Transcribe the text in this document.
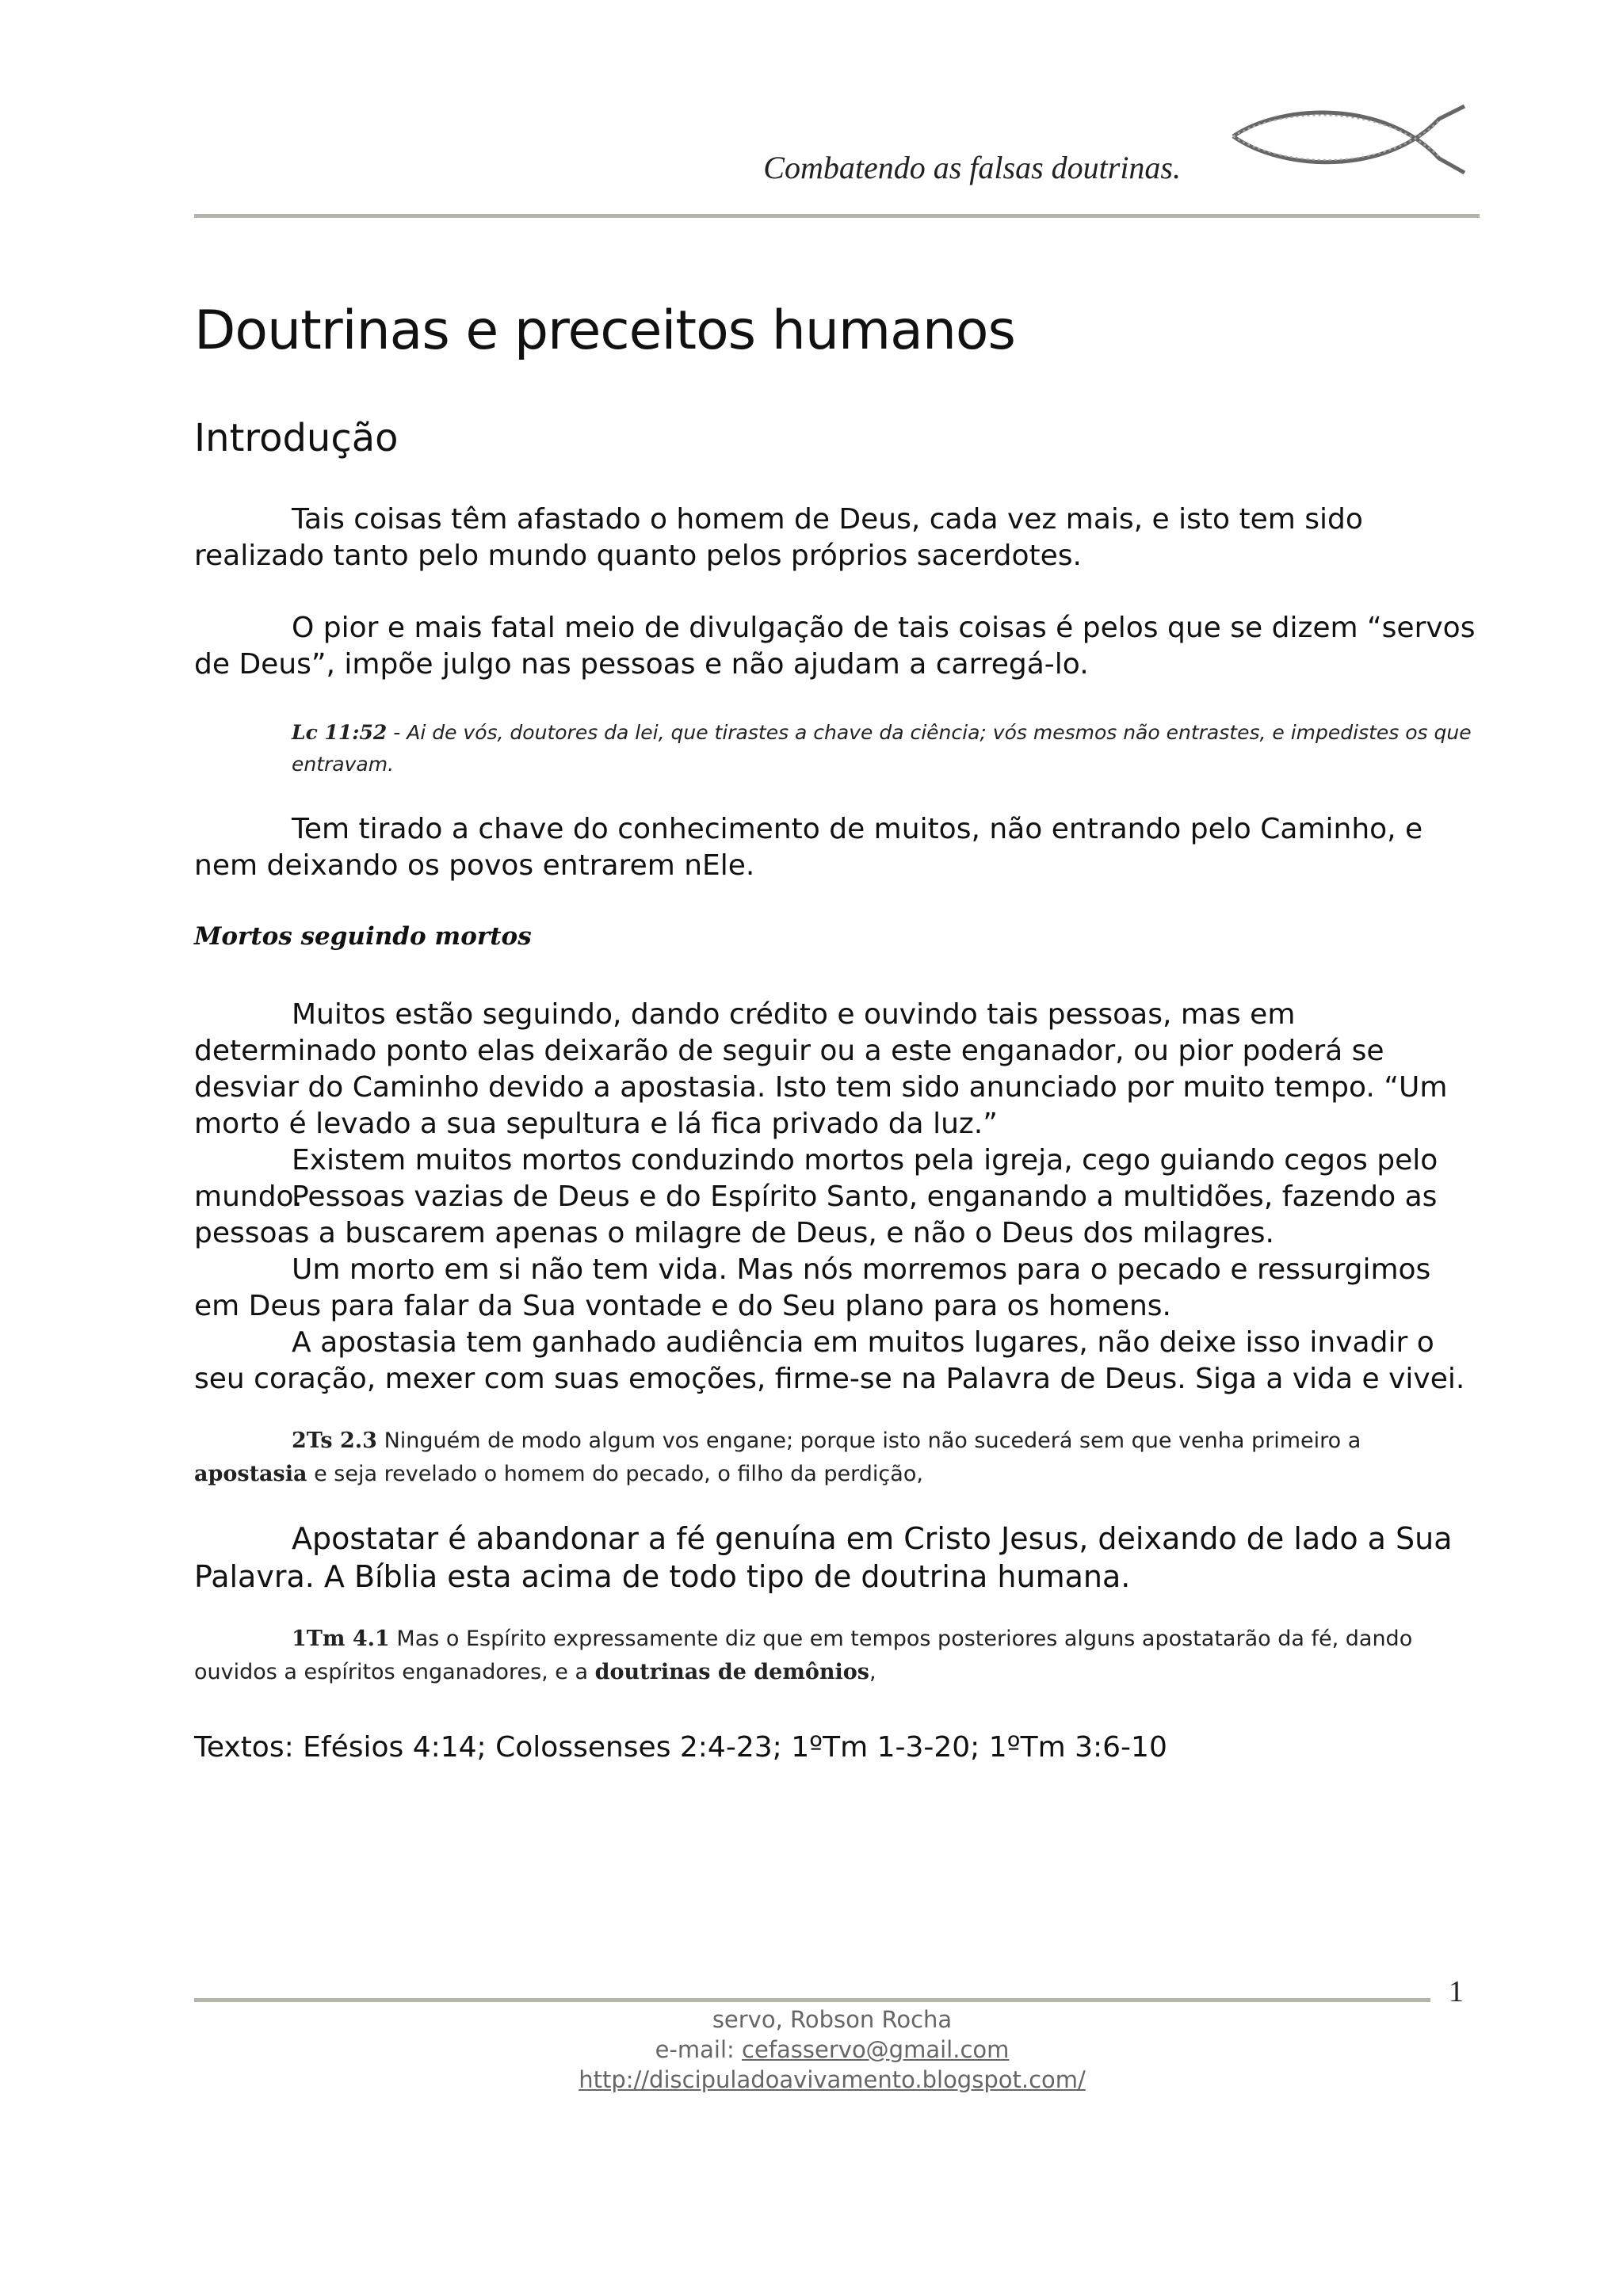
Combatendo as falsas doutrinas.
Doutrinas e preceitos humanos
Introdução
Tais coisas têm afastado o homem de Deus, cada vez mais, e isto tem sido realizado tanto pelo mundo quanto pelos próprios sacerdotes.
O pior e mais fatal meio de divulgação de tais coisas é pelos que se dizem “servos de Deus”, impõe julgo nas pessoas e não ajudam a carregá-lo.
Lc 11:52 - Ai de vós, doutores da lei, que tirastes a chave da ciência; vós mesmos não entrastes, e impedistes os que entravam.
Tem tirado a chave do conhecimento de muitos, não entrando pelo Caminho, e nem deixando os povos entrarem nEle.
Mortos seguindo mortos
Muitos estão seguindo, dando crédito e ouvindo tais pessoas, mas em determinado ponto elas deixarão de seguir ou a este enganador, ou pior poderá se desviar do Caminho devido a apostasia. Isto tem sido anunciado por muito tempo. “Um morto é levado a sua sepultura e lá fica privado da luz.”
Existem muitos mortos conduzindo mortos pela igreja, cego guiando cegos pelo mundo.
Pessoas vazias de Deus e do Espírito Santo, enganando a multidões, fazendo as pessoas a buscarem apenas o milagre de Deus, e não o Deus dos milagres.
Um morto em si não tem vida. Mas nós morremos para o pecado e ressurgimos em Deus para falar da Sua vontade e do Seu plano para os homens.
A apostasia tem ganhado audiência em muitos lugares, não deixe isso invadir o seu coração, mexer com suas emoções, firme-se na Palavra de Deus. Siga a vida e vivei.
2Ts 2.3 Ninguém de modo algum vos engane; porque isto não sucederá sem que venha primeiro a apostasia e seja revelado o homem do pecado, o filho da perdição,
Apostatar é abandonar a fé genuína em Cristo Jesus, deixando de lado a Sua Palavra. A Bíblia esta acima de todo tipo de doutrina humana.
1Tm 4.1 Mas o Espírito expressamente diz que em tempos posteriores alguns apostatarão da fé, dando ouvidos a espíritos enganadores, e a doutrinas de demônios,
Textos: Efésios 4:14; Colossenses 2:4-23; 1ºTm 1-3-20; 1ºTm 3:6-10
1
servo, Robson Rocha
e-mail: cefasservo@gmail.com
http://discipuladoavivamento.blogspot.com/
